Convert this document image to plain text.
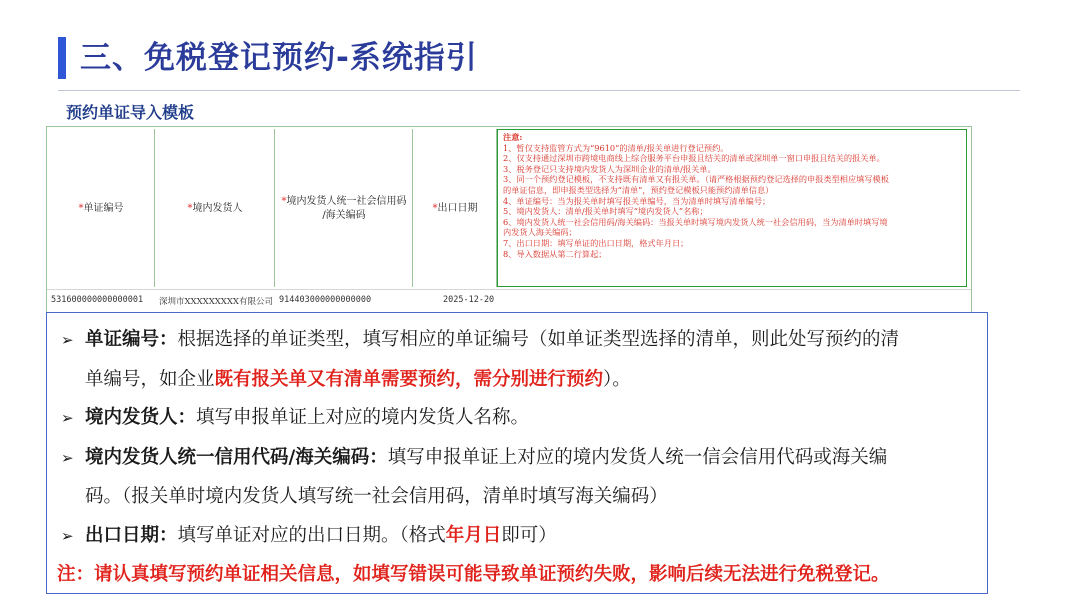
三、免税登记预约-系统指引
预约单证导入模板
* 单证编号	* 境内发货人
*境内发货人统一社会信用码
/海关编码
* 出口日期
注意:
1、暂仅支持监管方式为“9610”的清单/报关单进行登记预约。
2、仅支持通过深圳市跨境电商线上综合服务平台申报且结关的清单或深圳单一窗口申报且结关的报关单。
3、税务登记只支持境内发货人为深圳企业的清单/报关单。
3、同一个预约登记模板，不支持既有清单又有报关单。（请严格根据预约登记选择的申报类型相应填写模板
的单证信息，即申报类型选择为“清单”，预约登记模板只能预约清单信息）
4、单证编号：当为报关单时填写报关单编号，当为清单时填写清单编号；
5、境内发货人：清单/报关单时填写“境内发货人”名称；
6、境内发货人统一社会信用码/海关编码：当报关单时填写境内发货人统一社会信用码，当为清单时填写境
内发货人海关编码；
7、出口日期：填写单证的出口日期，格式年月日；
8、导入数据从第二行算起；
531600000000000001 深圳市XXXXXXXXX有限公司 914403000000000000	2025-12-20
➢ 单证编号：根据选择的单证类型，填写相应的单证编号（如单证类型选择的清单，则此处写预约的清
单编号，如企业既有报关单又有清单需要预约，需分别进行预约）。
➢ 境内发货人：填写申报单证上对应的境内发货人名称。
➢ 境内发货人统一信用代码/海关编码：填写申报单证上对应的境内发货人统一信会信用代码或海关编
码。（报关单时境内发货人填写统一社会信用码，清单时填写海关编码）
➢ 出口日期：填写单证对应的出口日期。（格式年月日即可）
注：请认真填写预约单证相关信息，如填写错误可能导致单证预约失败，影响后续无法进行免税登记。
